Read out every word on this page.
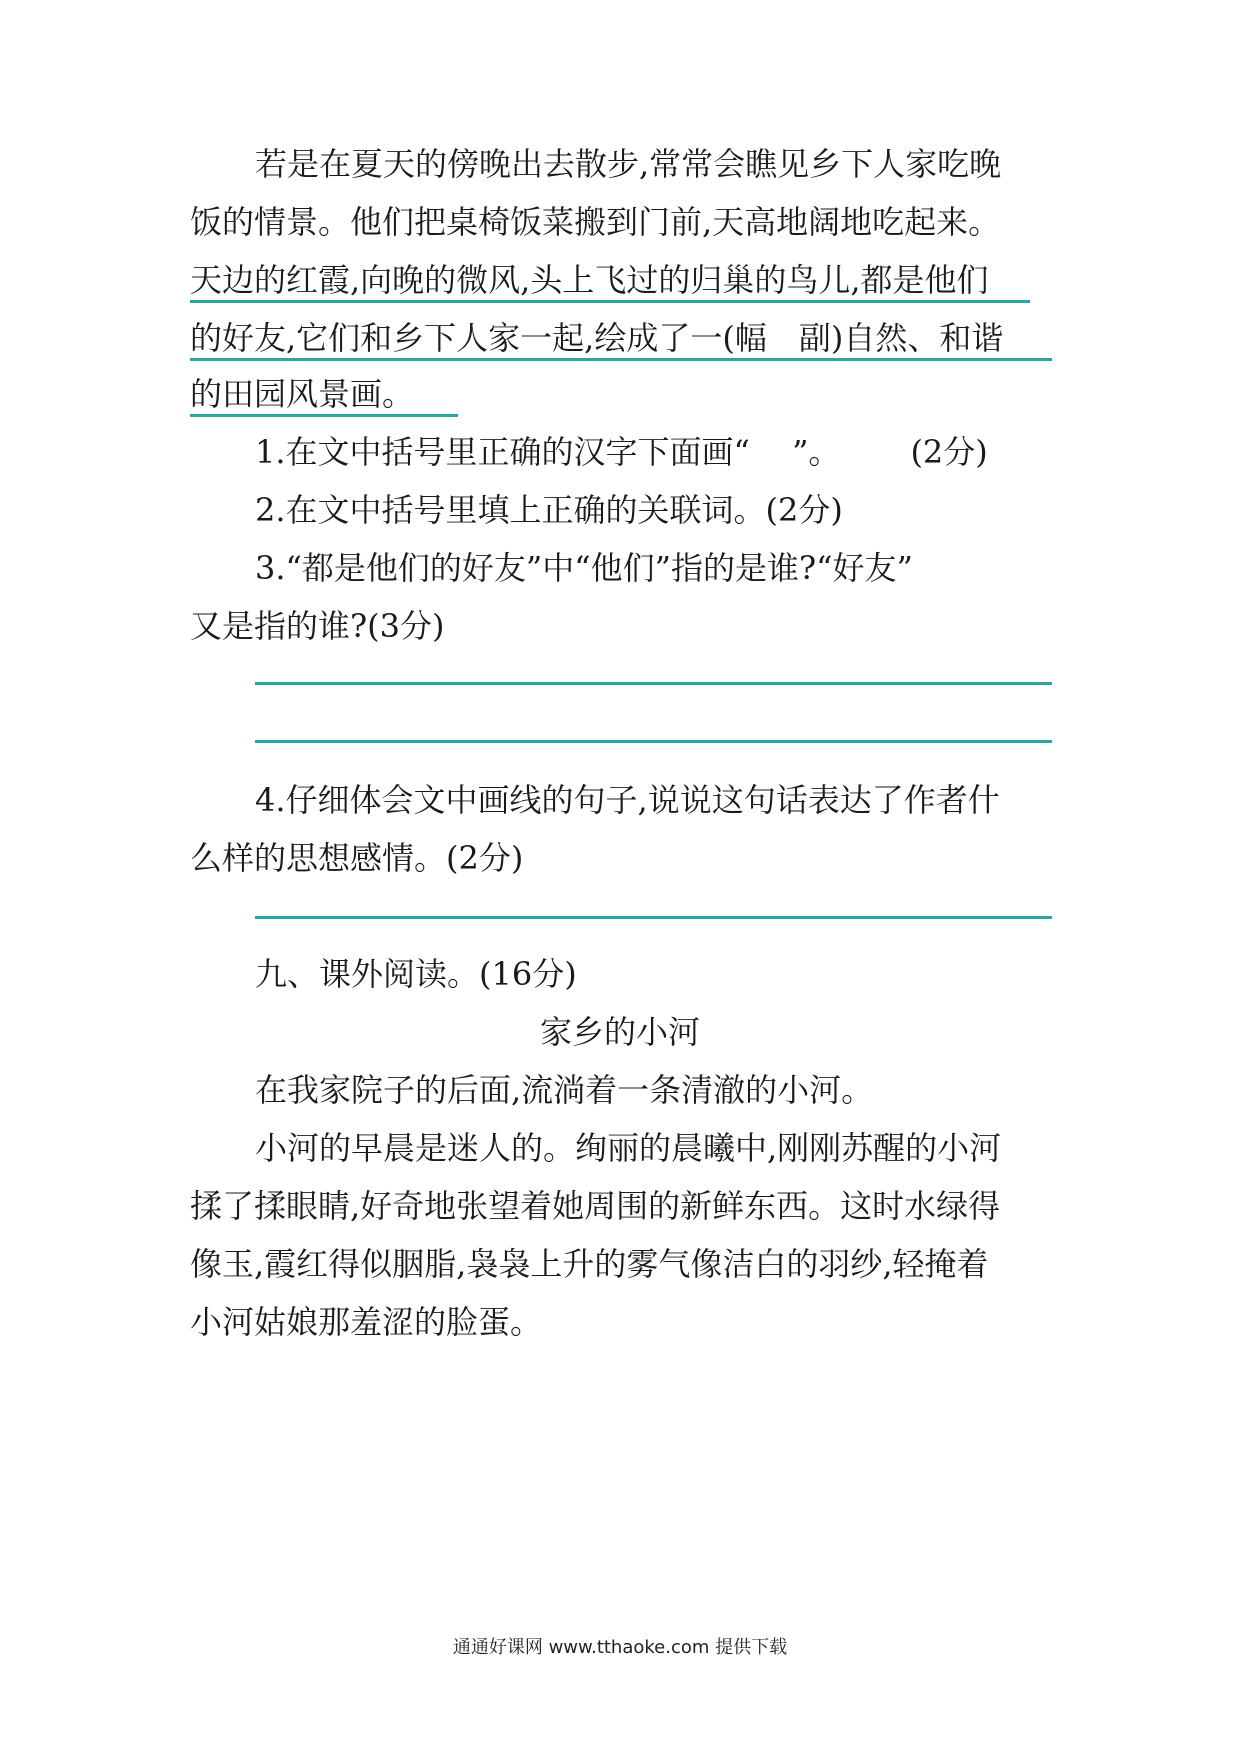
若是在夏天的傍晚出去散步,常常会瞧见乡下人家吃晚
饭的情景。他们把桌椅饭菜搬到门前,天高地阔地吃起来。
天边的红霞,向晚的微风,头上飞过的归巢的鸟儿,都是他们
的好友,它们和乡下人家一起,绘成了一(幅　副)自然、和谐
的田园风景画。
1.在文中括号里正确的汉字下面画“　 ”。 (2分)
2.在文中括号里填上正确的关联词。(2分)
3.“都是他们的好友”中“他们”指的是谁?“好友”
又是指的谁?(3分)
4.仔细体会文中画线的句子,说说这句话表达了作者什
么样的思想感情。(2分)
九、课外阅读。(16分)
家乡的小河
在我家院子的后面,流淌着一条清澈的小河。
小河的早晨是迷人的。绚丽的晨曦中,刚刚苏醒的小河
揉了揉眼睛,好奇地张望着她周围的新鲜东西。这时水绿得
像玉,霞红得似胭脂,袅袅上升的雾气像洁白的羽纱,轻掩着
小河姑娘那羞涩的脸蛋。
通通好课网 www.tthaoke.com 提供下载
